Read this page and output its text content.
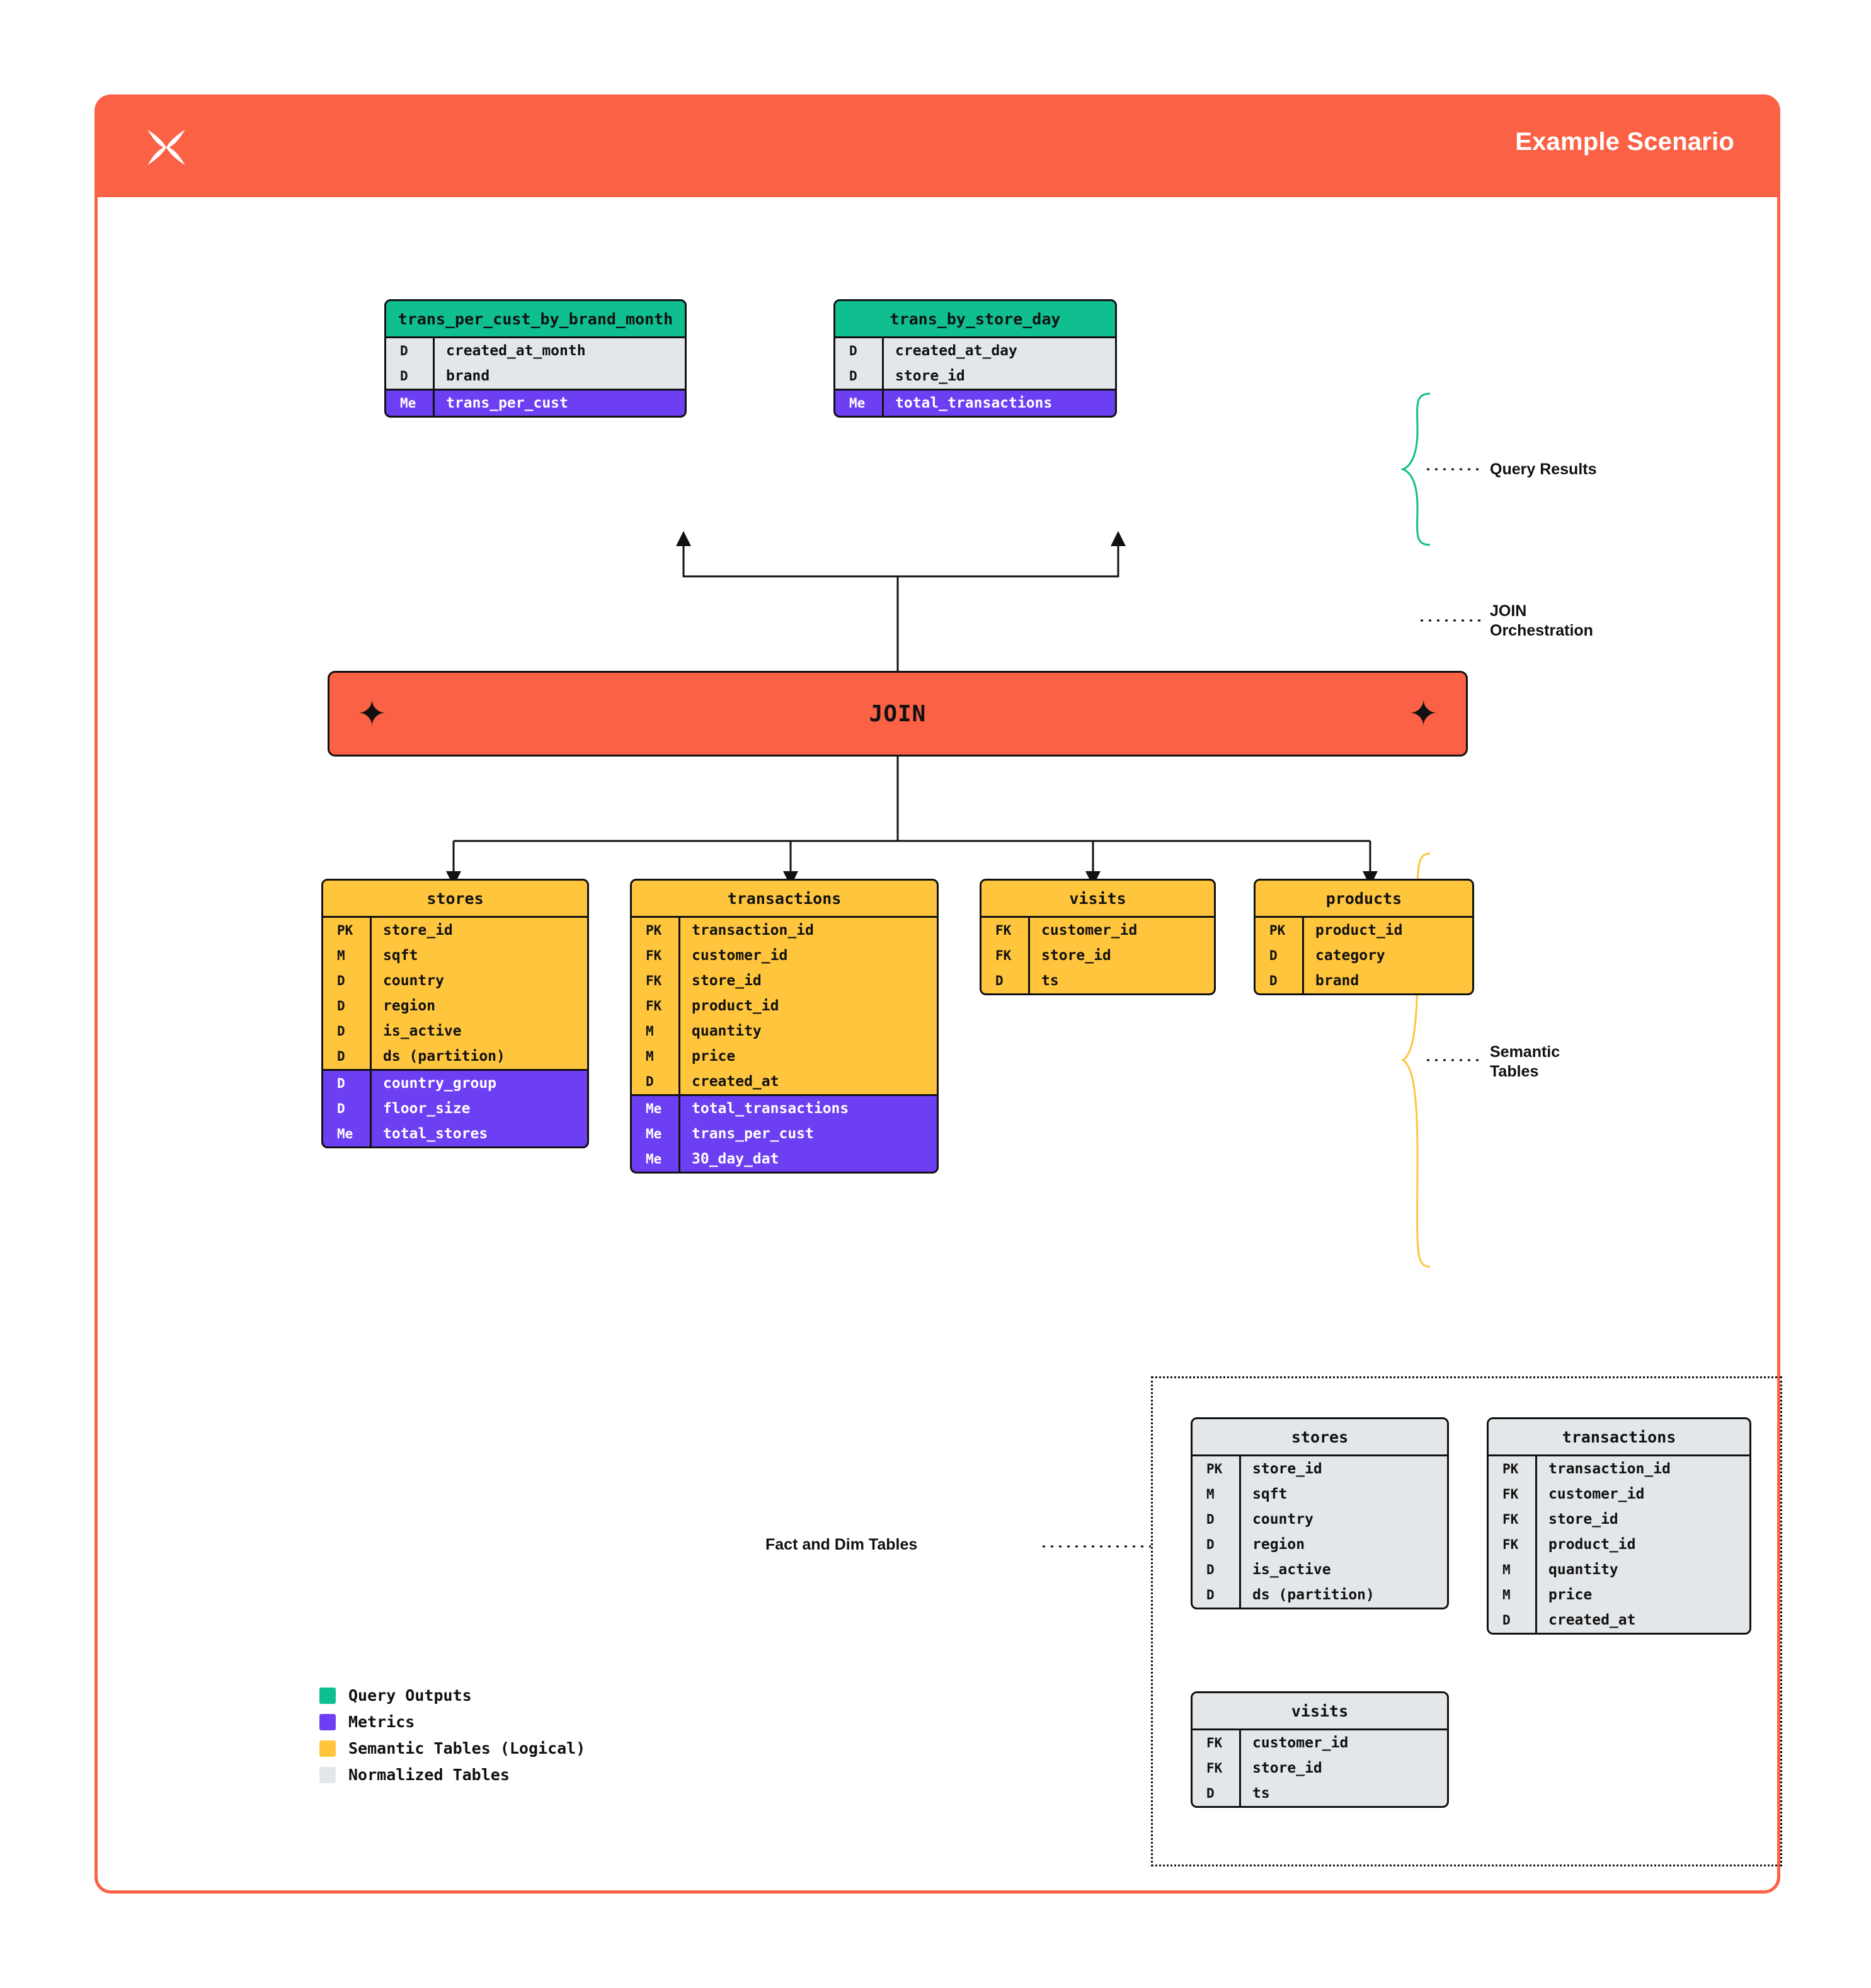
Example Scenario
trans_per_cust_by_brand_month
D	created_at_month
D	brand
Me	trans_per_cust
trans_by_store_day
D	created_at_day
D	store_id
Me	total_transactions
Query Results
✦	JOIN	✦
JOIN
Orchestration
stores
PK	store_id
M	sqft
D	country
D	region
D	is_active
D	ds (partition)
D	country_group
D	floor_size
Me	total_stores
transactions
PK	transaction_id
FK	customer_id
FK	store_id
FK	product_id
M	quantity
M	price
D	created_at
Me	total_transactions
Me	trans_per_cust
Me	30_day_dat
visits
FK	customer_id
FK	store_id
D	ts
products
PK	product_id
D	category
D	brand
Semantic
Tables
Fact and Dim Tables
stores
PK	store_id
M	sqft
D	country
D	region
D	is_active
D	ds (partition)
transactions
PK	transaction_id
FK	customer_id
FK	store_id
FK	product_id
M	quantity
M	price
D	created_at
visits
FK	customer_id
FK	store_id
D	ts
Query Outputs
Metrics
Semantic Tables (Logical)
Normalized Tables
